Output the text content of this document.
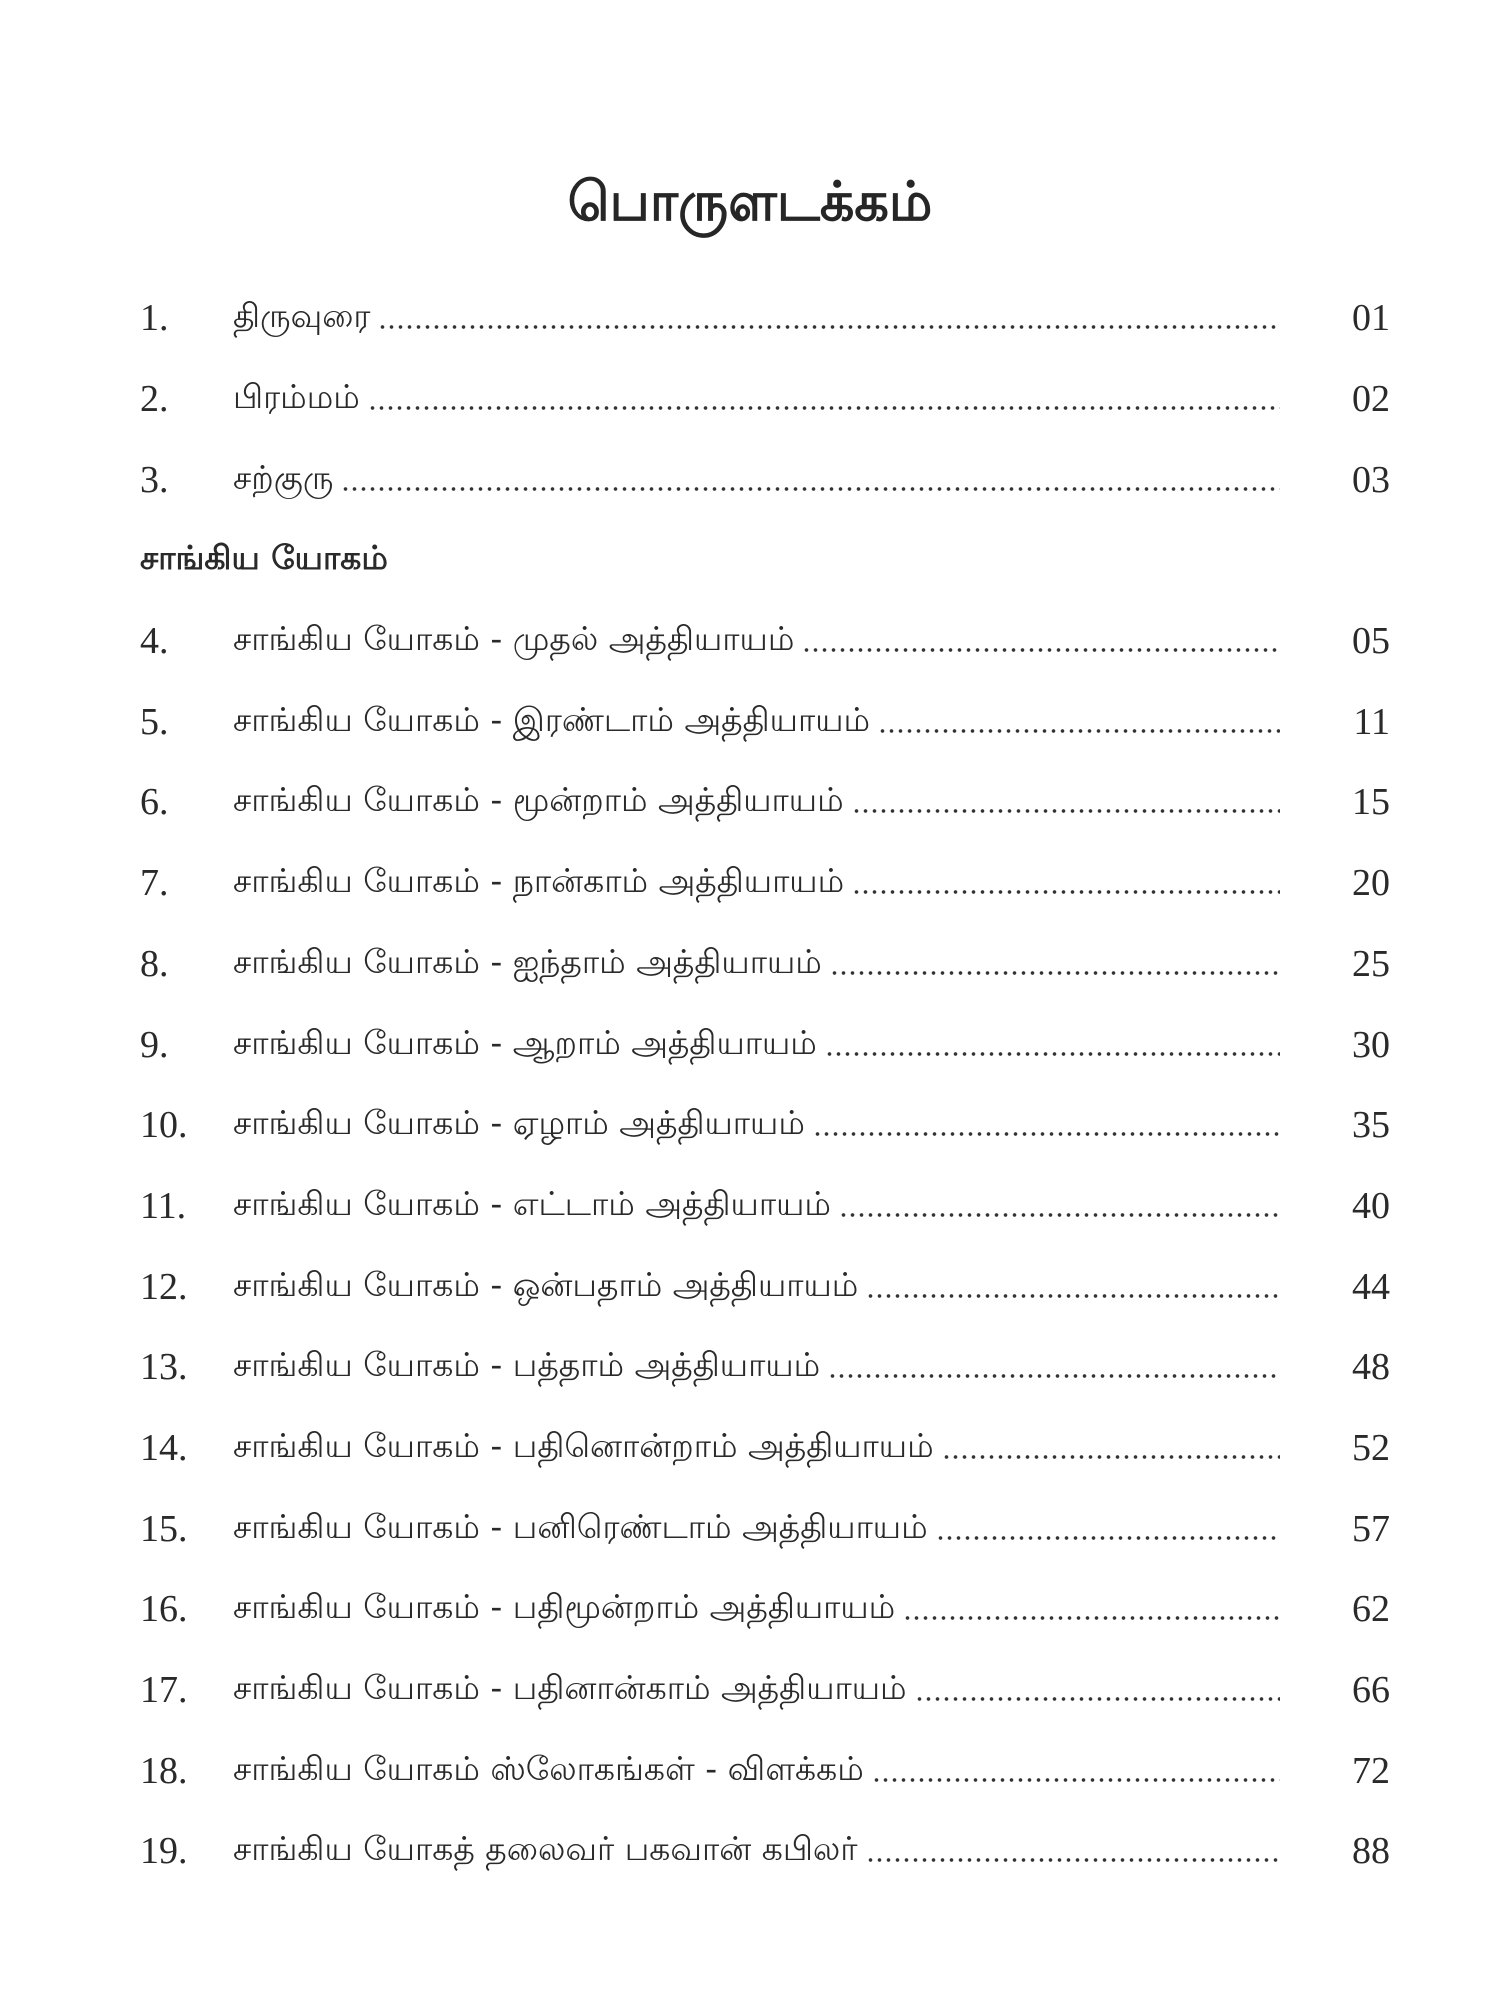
பொருளடக்கம்
1.	திருவுரை	01
2.	பிரம்மம்	02
3.	சற்குரு	03
சாங்கிய யோகம்
4.	சாங்கிய யோகம் - முதல் அத்தியாயம்	05
5.	சாங்கிய யோகம் - இரண்டாம் அத்தியாயம்	11
6.	சாங்கிய யோகம் - மூன்றாம் அத்தியாயம்	15
7.	சாங்கிய யோகம் - நான்காம் அத்தியாயம்	20
8.	சாங்கிய யோகம் - ஐந்தாம் அத்தியாயம்	25
9.	சாங்கிய யோகம் - ஆறாம் அத்தியாயம்	30
10.	சாங்கிய யோகம் - ஏழாம் அத்தியாயம்	35
11.	சாங்கிய யோகம் - எட்டாம் அத்தியாயம்	40
12.	சாங்கிய யோகம் - ஒன்பதாம் அத்தியாயம்	44
13.	சாங்கிய யோகம் - பத்தாம் அத்தியாயம்	48
14.	சாங்கிய யோகம் - பதினொன்றாம் அத்தியாயம்	52
15.	சாங்கிய யோகம் - பனிரெண்டாம் அத்தியாயம்	57
16.	சாங்கிய யோகம் - பதிமூன்றாம் அத்தியாயம்	62
17.	சாங்கிய யோகம் - பதினான்காம் அத்தியாயம்	66
18.	சாங்கிய யோகம் ஸ்லோகங்கள் - விளக்கம்	72
19.	சாங்கிய யோகத் தலைவர் பகவான் கபிலர்	88
